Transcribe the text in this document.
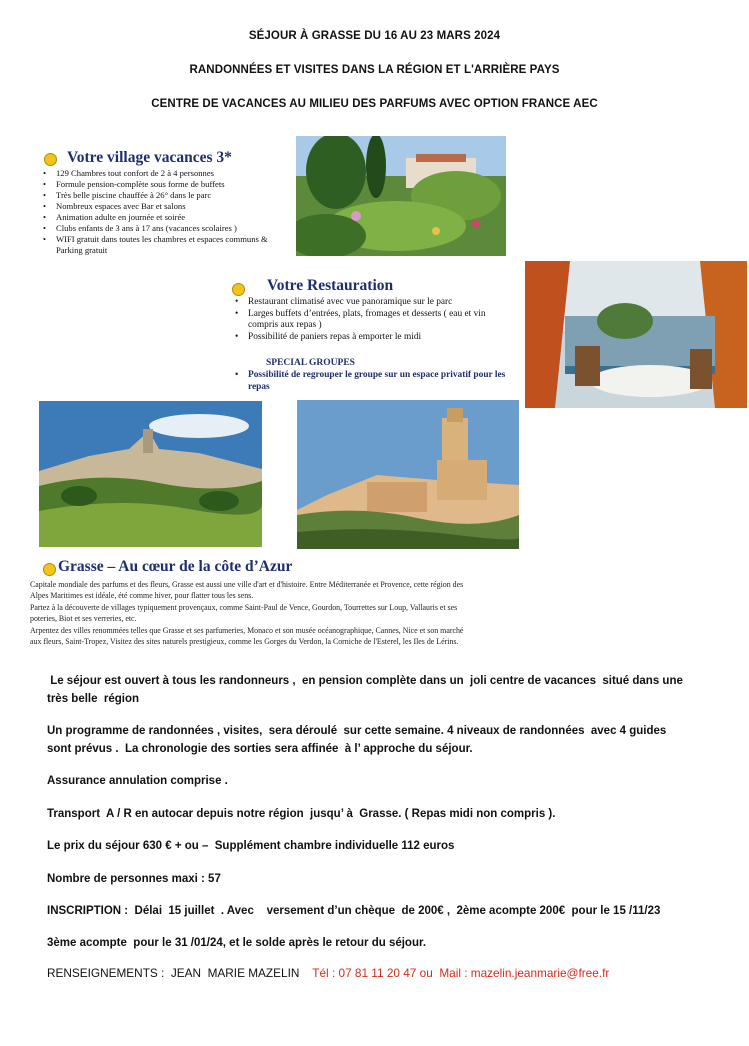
SÉJOUR À GRASSE DU 16 AU 23 MARS 2024
RANDONNÉES ET VISITES DANS LA RÉGION ET L'ARRIÈRE PAYS
CENTRE DE VACANCES AU MILIEU DES PARFUMS AVEC OPTION FRANCE AEC
Votre village vacances 3*
• 129 Chambres tout confort de 2 à 4 personnes
• Formule pension-complète sous forme de buffets
• Très belle piscine chauffée à 26° dans le parc
• Nombreux espaces avec Bar et salons
• Animation adulte en journée et soirée
• Clubs enfants de 3 ans à 17 ans (vacances scolaires )
• WIFI gratuit dans toutes les chambres et espaces communs & Parking gratuit
Votre Restauration
• Restaurant climatisé avec vue panoramique sur le parc
• Larges buffets d’entrées, plats, fromages et desserts ( eau et vin compris aux repas )
• Possibilité de paniers repas à emporter le midi
SPECIAL GROUPES
• Possibilité de regrouper le groupe sur un espace privatif pour les repas
Grasse – Au cœur de la côte d’Azur
Capitale mondiale des parfums et des fleurs, Grasse est aussi une ville d'art et d'histoire. Entre Méditerranée et Provence, cette région des
Alpes Maritimes est idéale, été comme hiver, pour flatter tous les sens.
Partez à la découverte de villages typiquement provençaux, comme Saint-Paul de Vence, Gourdon, Tourrettes sur Loup, Vallauris et ses
poteries, Biot et ses verreries, etc.
Arpentez des villes renommées telles que Grasse et ses parfumeries, Monaco et son musée océanographique, Cannes, Nice et son marché
aux fleurs, Saint-Tropez, Visitez des sites naturels prestigieux, comme les Gorges du Verdon, la Corniche de l'Esterel, les Iles de Lérins.
Le séjour est ouvert à tous les randonneurs ,  en pension complète dans un  joli centre de vacances  situé dans une
très belle  région
Un programme de randonnées , visites,  sera déroulé  sur cette semaine. 4 niveaux de randonnées  avec 4 guides
sont prévus .  La chronologie des sorties sera affinée  à l’ approche du séjour.
Assurance annulation comprise .
Transport  A / R en autocar depuis notre région  jusqu’ à  Grasse. ( Repas midi non compris ).
Le prix du séjour 630 € + ou –  Supplément chambre individuelle 112 euros
Nombre de personnes maxi : 57
INSCRIPTION :  Délai  15 juillet  . Avec    versement d’un chèque  de 200€ ,  2ème acompte 200€  pour le 15 /11/23
3ème acompte  pour le 31 /01/24, et le solde après le retour du séjour.
RENSEIGNEMENTS :  JEAN  MARIE MAZELIN Tél : 07 81 11 20 47 ou  Mail : mazelin.jeanmarie@free.fr
